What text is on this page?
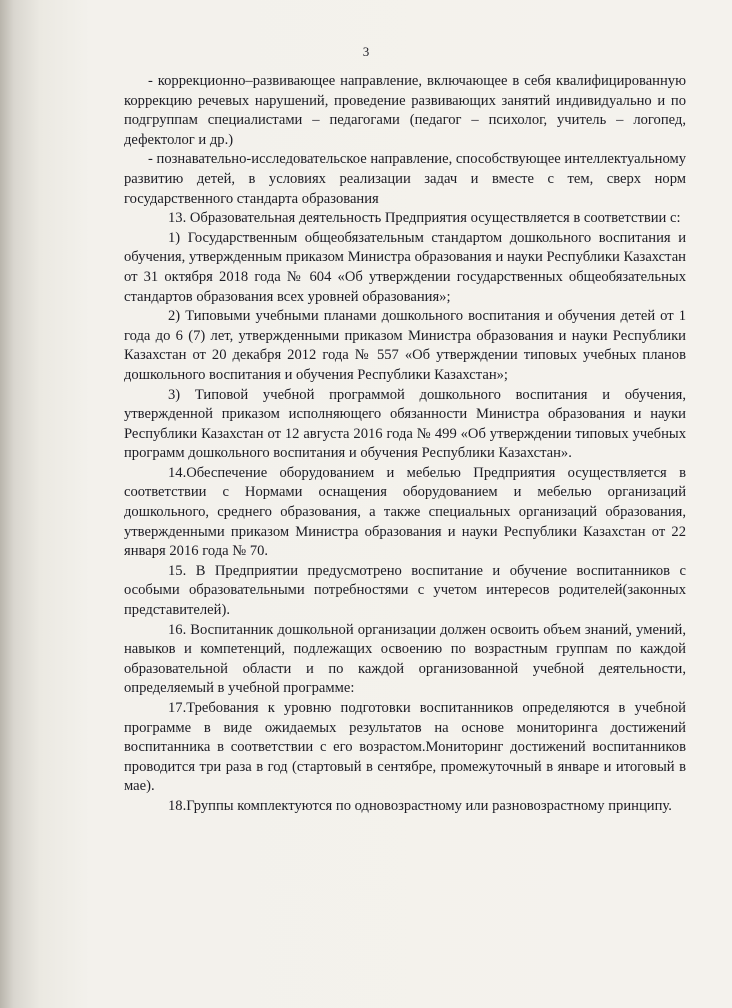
3

- коррекционно–развивающее направление, включающее в себя квалифицированную коррекцию речевых нарушений, проведение развивающих занятий индивидуально и по подгруппам специалистами – педагогами (педагог – психолог, учитель – логопед, дефектолог и др.)

- познавательно-исследовательское направление, способствующее интеллектуальному развитию детей, в условиях реализации задач и вместе с тем, сверх норм государственного стандарта образования

13. Образовательная деятельность Предприятия осуществляется в соответствии с:

1) Государственным общеобязательным стандартом дошкольного воспитания и обучения, утвержденным приказом Министра образования и науки Республики Казахстан от 31 октября 2018 года № 604 «Об утверждении государственных общеобязательных стандартов образования всех уровней образования»;

2) Типовыми учебными планами дошкольного воспитания и обучения детей от 1 года до 6 (7) лет, утвержденными приказом Министра образования и науки Республики Казахстан от 20 декабря 2012 года № 557 «Об утверждении типовых учебных планов дошкольного воспитания и обучения Республики Казахстан»;

3) Типовой учебной программой дошкольного воспитания и обучения, утвержденной приказом исполняющего обязанности Министра образования и науки Республики Казахстан от 12 августа 2016 года № 499 «Об утверждении типовых учебных программ дошкольного воспитания и обучения Республики Казахстан».

14.Обеспечение оборудованием и мебелью Предприятия осуществляется в соответствии с Нормами оснащения оборудованием и мебелью организаций дошкольного, среднего образования, а также специальных организаций образования, утвержденными приказом Министра образования и науки Республики Казахстан от 22 января 2016 года № 70.

15. В Предприятии предусмотрено воспитание и обучение воспитанников с особыми образовательными потребностями с учетом интересов родителей(законных представителей).

16. Воспитанник дошкольной организации должен освоить объем знаний, умений, навыков и компетенций, подлежащих освоению по возрастным группам по каждой образовательной области и по каждой организованной учебной деятельности, определяемый в учебной программе:

17.Требования к уровню подготовки воспитанников определяются в учебной программе в виде ожидаемых результатов на основе мониторинга достижений воспитанника в соответствии с его возрастом.Мониторинг достижений воспитанников проводится три раза в год (стартовый в сентябре, промежуточный в январе и итоговый в мае).

18.Группы комплектуются по одновозрастному или разновозрастному принципу.
